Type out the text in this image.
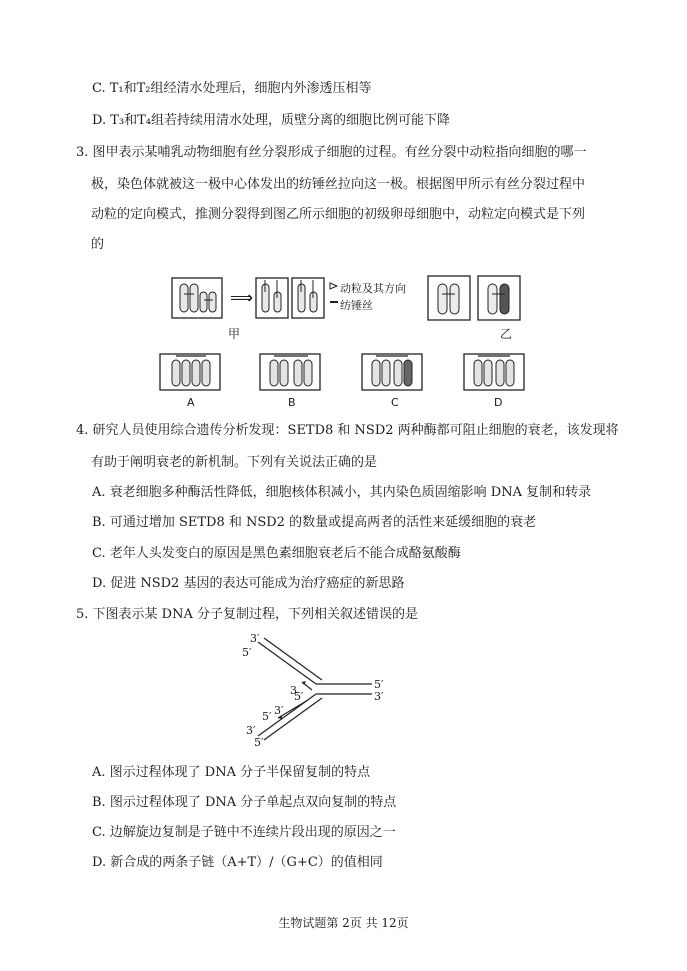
C. T₁和T₂组经清水处理后，细胞内外渗透压相等
D. T₃和T₄组若持续用清水处理，质壁分离的细胞比例可能下降
3. 图甲表示某哺乳动物细胞有丝分裂形成子细胞的过程。有丝分裂中动粒指向细胞的哪一
极，染色体就被这一极中心体发出的纺锤丝拉向这一极。根据图甲所示有丝分裂过程中
动粒的定向模式，推测分裂得到图乙所示细胞的初级卵母细胞中，动粒定向模式是下列
的
⟹	动粒及其方向
纺锤丝
甲	乙
A	B	C	D
4. 研究人员使用综合遗传分析发现：SETD8 和 NSD2 两种酶都可阻止细胞的衰老，该发现将
有助于阐明衰老的新机制。下列有关说法正确的是
A. 衰老细胞多种酶活性降低，细胞核体积减小，其内染色质固缩影响 DNA 复制和转录
B. 可通过增加 SETD8 和 NSD2 的数量或提高两者的活性来延缓细胞的衰老
C. 老年人头发变白的原因是黑色素细胞衰老后不能合成酪氨酸酶
D. 促进 NSD2 基因的表达可能成为治疗癌症的新思路
5. 下图表示某 DNA 分子复制过程，下列相关叙述错误的是
3′
5′
5′
3′
3
5′
5′ 3′
3′
5′
A. 图示过程体现了 DNA 分子半保留复制的特点
B. 图示过程体现了 DNA 分子单起点双向复制的特点
C. 边解旋边复制是子链中不连续片段出现的原因之一
D. 新合成的两条子链（A+T）/（G+C）的值相同
生物试题第 2页 共 12页
